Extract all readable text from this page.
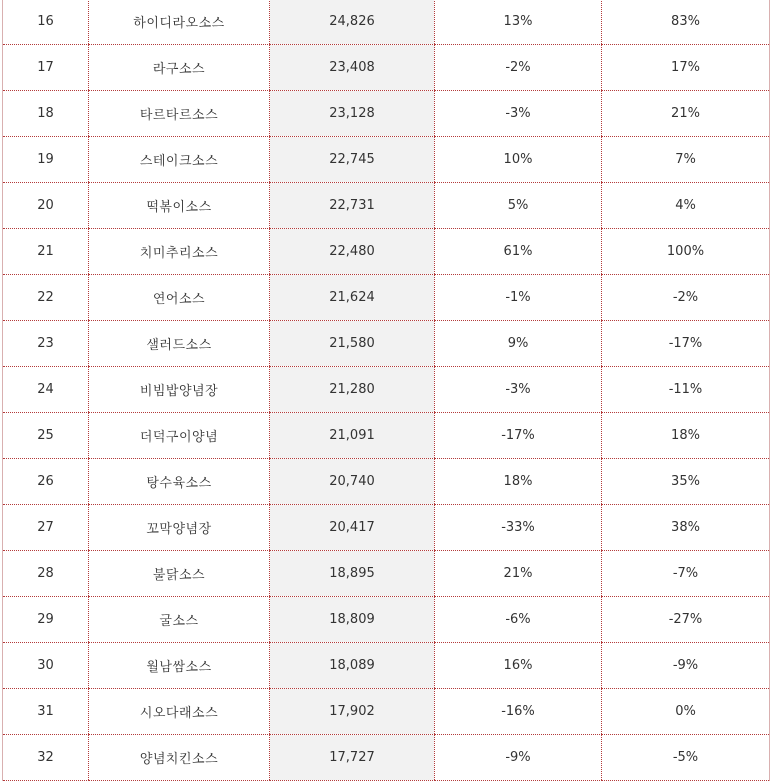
16	하이디라오소스	24,826	13%	83%
17	라구소스	23,408	-2%	17%
18	타르타르소스	23,128	-3%	21%
19	스테이크소스	22,745	10%	7%
20	떡볶이소스	22,731	5%	4%
21	치미추리소스	22,480	61%	100%
22	연어소스	21,624	-1%	-2%
23	샐러드소스	21,580	9%	-17%
24	비빔밥양념장	21,280	-3%	-11%
25	더덕구이양념	21,091	-17%	18%
26	탕수육소스	20,740	18%	35%
27	꼬막양념장	20,417	-33%	38%
28	불닭소스	18,895	21%	-7%
29	굴소스	18,809	-6%	-27%
30	월남쌈소스	18,089	16%	-9%
31	시오다래소스	17,902	-16%	0%
32	양념치킨소스	17,727	-9%	-5%
